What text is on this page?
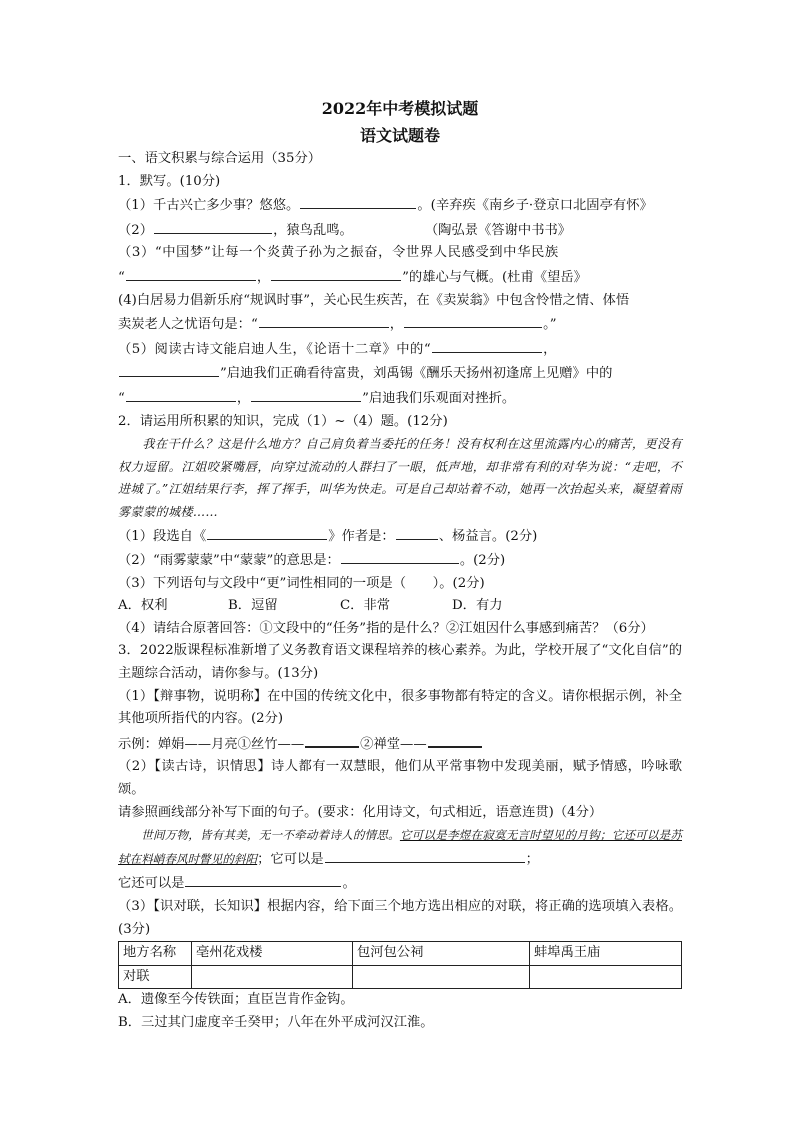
2022年中考模拟试题
语文试题卷
一、语文积累与综合运用（35分）
1．默写。(10分)
（1）千古兴亡多少事？悠悠。	。(辛弃疾《南乡子·登京口北固亭有怀》
（2）	，猿鸟乱鸣。	（陶弘景《答谢中书书》
（3）“中国梦”让每一个炎黄子孙为之振奋，令世界人民感受到中华民族
“	，	”的雄心与气概。(杜甫《望岳》
(4)白居易力倡新乐府“规讽时事”，关心民生疾苦，在《卖炭翁》中包含怜惜之情、体悟
卖炭老人之忧语句是：“	，	。”
（5）阅读古诗文能启迪人生，《论语十二章》中的“	，
”启迪我们正确看待富贵，刘禹锡《酬乐天扬州初逢席上见赠》中的
“	，	”启迪我们乐观面对挫折。
2．请运用所积累的知识，完成（1）~（4）题。(12分)
我在干什么？这是什么地方？自己肩负着当委托的任务！没有权利在这里流露内心的痛苦，更没有权力逗留。江姐咬紧嘴唇，向穿过流动的人群扫了一眼，低声地，却非常有利的对华为说：“走吧，不进城了。”江姐结果行李，挥了挥手，叫华为快走。可是自己却站着不动，她再一次抬起头来，凝望着雨雾蒙蒙的城楼……
（1）段选自《	》作者是：	、杨益言。(2分)
（2）“雨雾蒙蒙”中“蒙蒙”的意思是：	。(2分)
（3）下列语句与文段中“更”词性相同的一项是（　　）。(2分)
A．权利	B．逗留	C．非常	D．有力
（4）请结合原著回答：①文段中的“任务”指的是什么？②江姐因什么事感到痛苦？（6分）
3．2022版课程标准新增了义务教育语文课程培养的核心素养。为此，学校开展了“文化自信”的主题综合活动，请你参与。(13分)
（1）【辩事物，说明称】在中国的传统文化中，很多事物都有特定的含义。请你根据示例，补全其他项所指代的内容。(2分)
示例：婵娟——月亮①丝竹——	②禅堂——
（2）【读古诗，识情思】诗人都有一双慧眼，他们从平常事物中发现美丽，赋予情感，吟咏歌颂。
请参照画线部分补写下面的句子。(要求：化用诗文，句式相近，语意连贯)（4分）
世间万物，皆有其美，无一不牵动着诗人的情思。它可以是李煜在寂寞无言时望见的月钩；它还可以是苏轼在料峭春风时瞥见的斜阳；它可以是	；
它还可以是	。
（3）【识对联，长知识】根据内容，给下面三个地方选出相应的对联，将正确的选项填入表格。(3分)
地方名称	亳州花戏楼	包河包公祠	蚌埠禹王庙
对联			
A．遗像至今传铁面；直臣岂肯作金钩。
B．三过其门虚度辛壬癸甲；八年在外平成河汉江淮。
